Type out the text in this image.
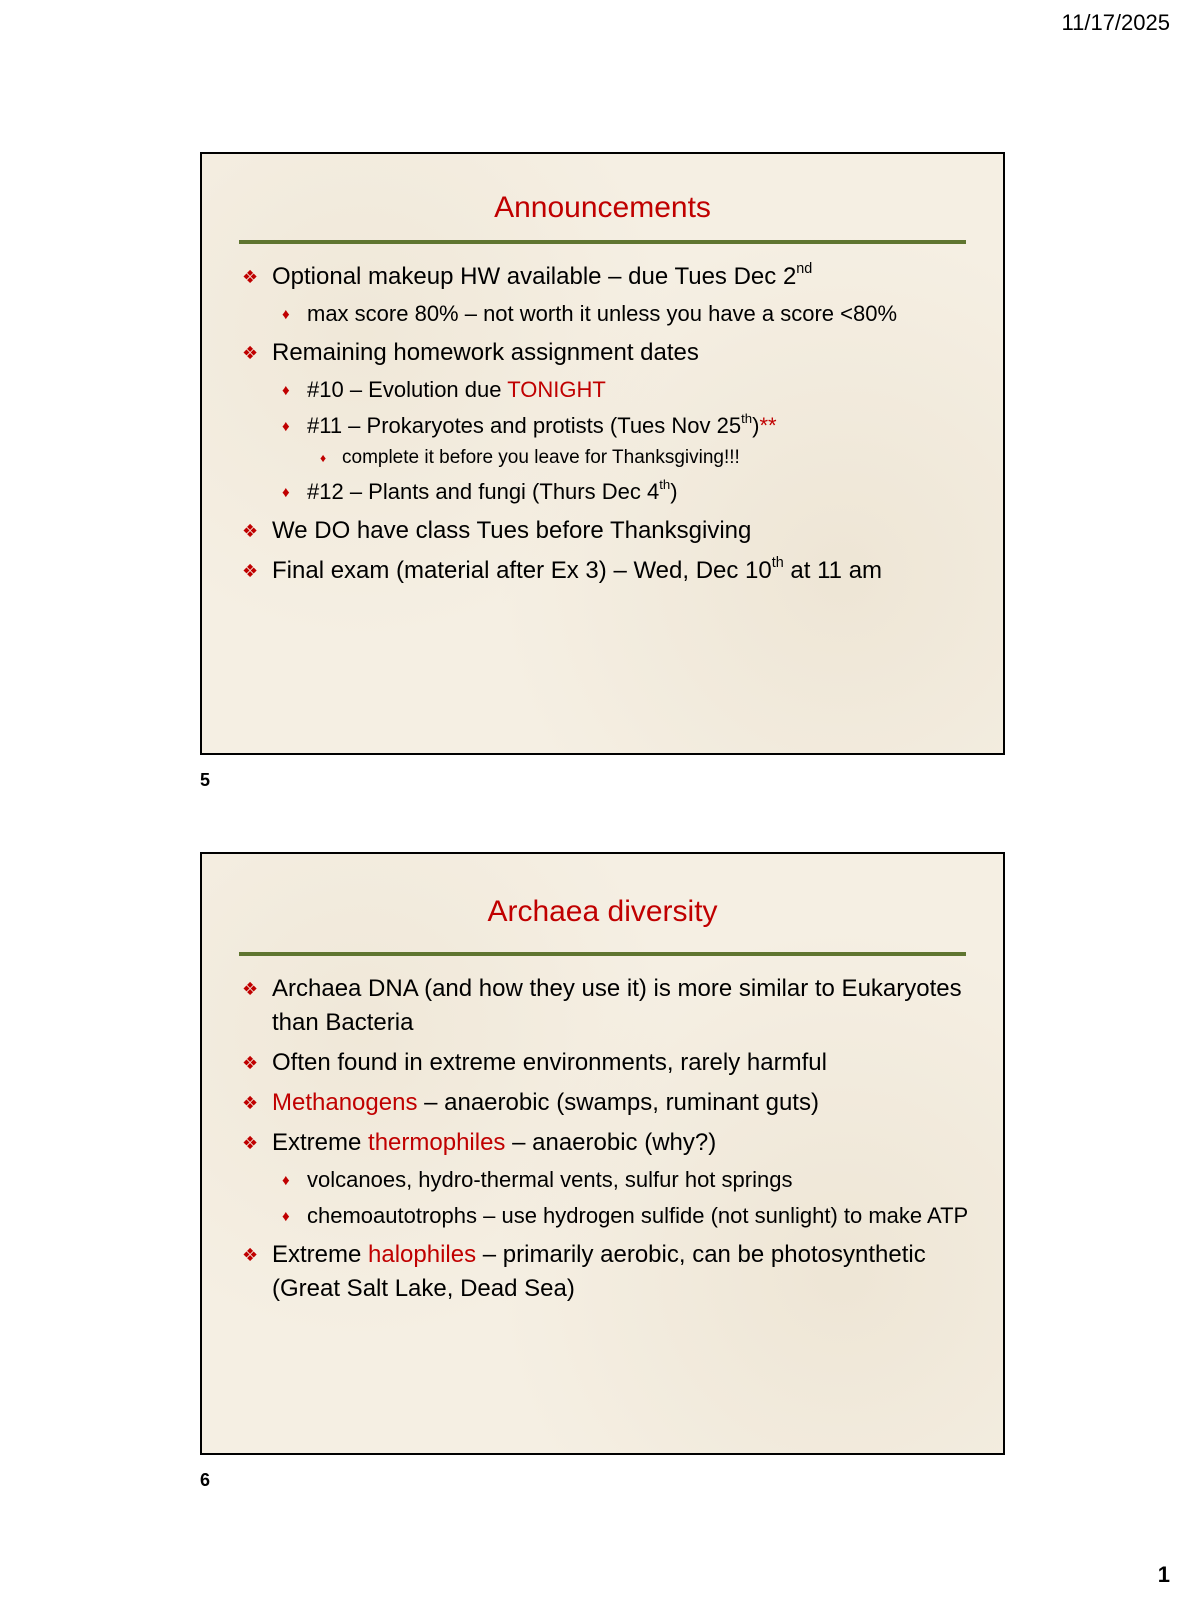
11/17/2025
Announcements
❖ Optional makeup HW available – due Tues Dec 2nd
♦ max score 80% – not worth it unless you have a score <80%
❖ Remaining homework assignment dates
♦ #10 – Evolution due TONIGHT
♦ #11 – Prokaryotes and protists (Tues Nov 25th)**
♦ complete it before you leave for Thanksgiving!!!
♦ #12 – Plants and fungi (Thurs Dec 4th)
❖ We DO have class Tues before Thanksgiving
❖ Final exam (material after Ex 3) – Wed, Dec 10th at 11 am
5
Archaea diversity
❖ Archaea DNA (and how they use it) is more similar to Eukaryotes than Bacteria
❖ Often found in extreme environments, rarely harmful
❖ Methanogens – anaerobic (swamps, ruminant guts)
❖ Extreme thermophiles – anaerobic (why?)
♦ volcanoes, hydro-thermal vents, sulfur hot springs
♦ chemoautotrophs – use hydrogen sulfide (not sunlight) to make ATP
❖ Extreme halophiles – primarily aerobic, can be photosynthetic (Great Salt Lake, Dead Sea)
6
1
